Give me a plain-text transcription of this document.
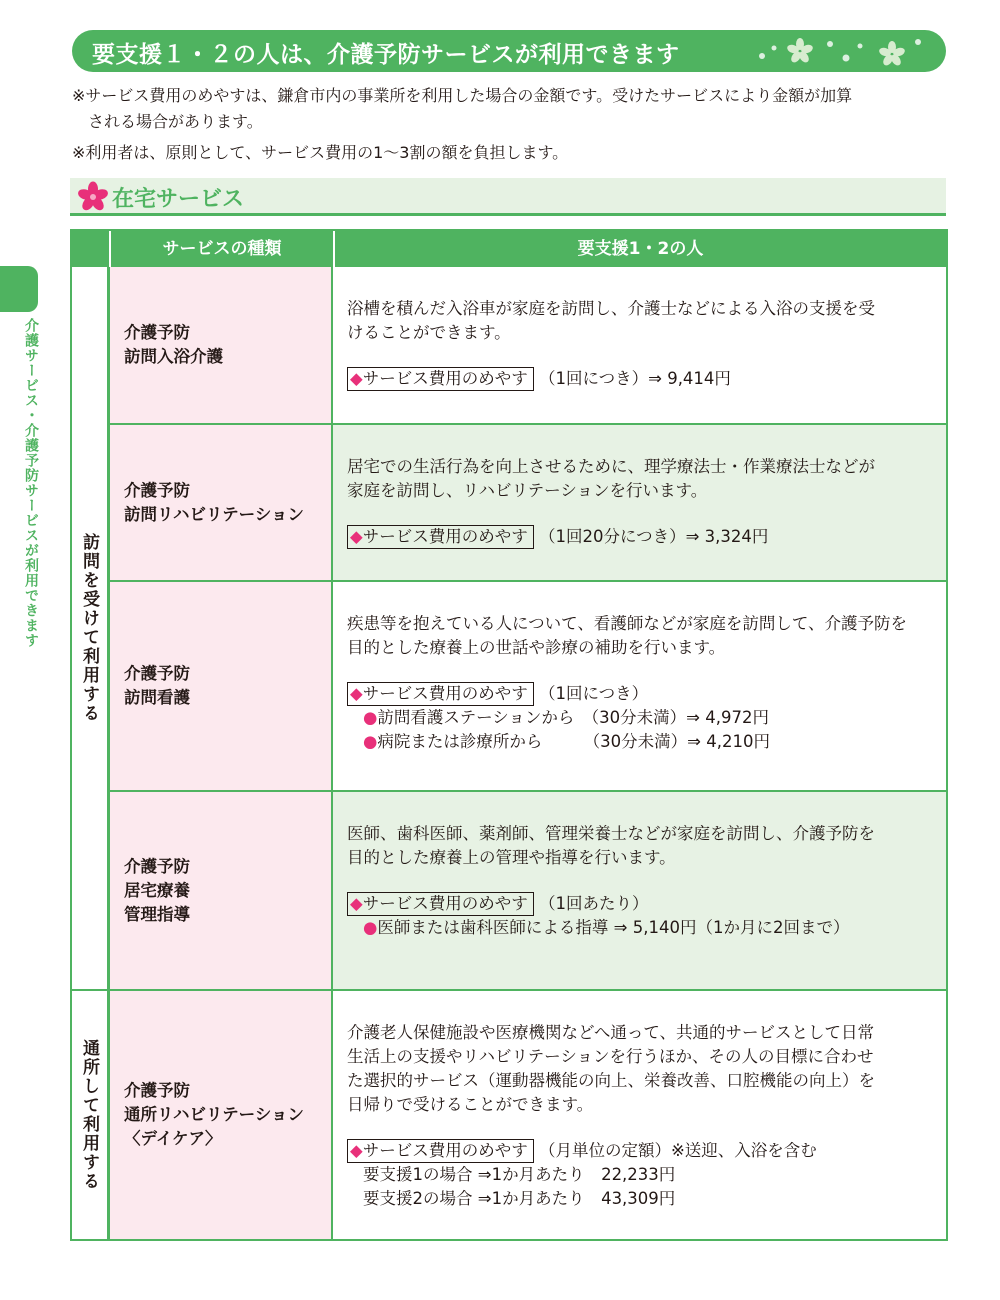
要支援１・２の人は、介護予防サービスが利用できます
※サービス費用のめやすは、鎌倉市内の事業所を利用した場合の金額です。受けたサービスにより金額が加算
される場合があります。
※利用者は、原則として、サービス費用の1～3割の額を負担します。
在宅サービス
介護サービス・介護予防サービスが利用できます
サービスの種類	要支援1・2の人
訪問を受けて利用する
通所して利用する
介護予防
訪問入浴介護
浴槽を積んだ入浴車が家庭を訪問し、介護士などによる入浴の支援を受
けることができます。
◆サービス費用のめやす （1回につき）⇒ 9,414円
介護予防
訪問リハビリテーション
居宅での生活行為を向上させるために、理学療法士・作業療法士などが
家庭を訪問し、リハビリテーションを行います。
◆サービス費用のめやす （1回20分につき）⇒ 3,324円
介護予防
訪問看護
疾患等を抱えている人について、看護師などが家庭を訪問して、介護予防を
目的とした療養上の世話や診療の補助を行います。
◆サービス費用のめやす （1回につき）
●訪問看護ステーションから　（30分未満）⇒ 4,972円
●病院または診療所から　　　（30分未満）⇒ 4,210円
介護予防
居宅療養
管理指導
医師、歯科医師、薬剤師、管理栄養士などが家庭を訪問し、介護予防を
目的とした療養上の管理や指導を行います。
◆サービス費用のめやす （1回あたり）
●医師または歯科医師による指導 ⇒ 5,140円（1か月に2回まで）
介護予防
通所リハビリテーション
〈デイケア〉
介護老人保健施設や医療機関などへ通って、共通的サービスとして日常
生活上の支援やリハビリテーションを行うほか、その人の目標に合わせ
た選択的サービス（運動器機能の向上、栄養改善、口腔機能の向上）を
日帰りで受けることができます。
◆サービス費用のめやす （月単位の定額）※送迎、入浴を含む
要支援1の場合 ⇒1か月あたり　22,233円
要支援2の場合 ⇒1か月あたり　43,309円
